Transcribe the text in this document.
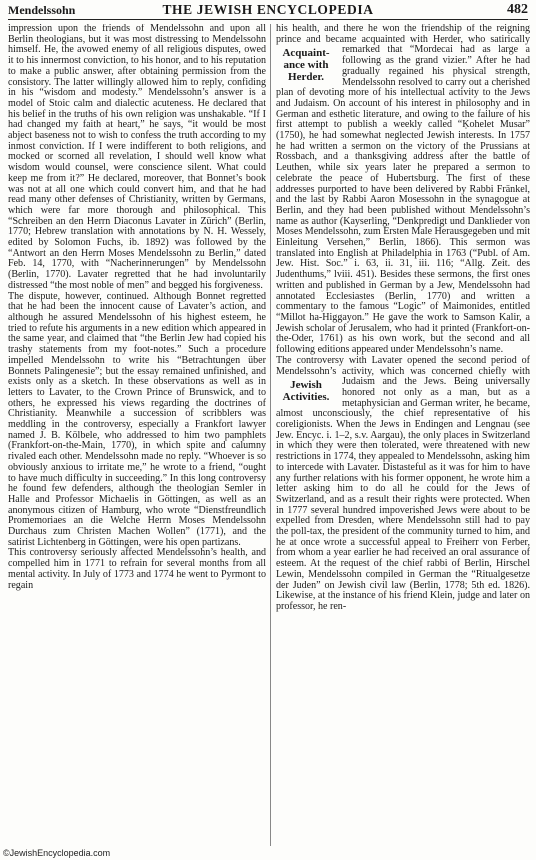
Mendelssohn	THE JEWISH ENCYCLOPEDIA	482

impression upon the friends of Mendelssohn and upon all Berlin theologians, but it was most distressing to Mendelssohn himself. He, the avowed enemy of all religious disputes, owed it to his innermost conviction, to his honor, and to his reputation to make a public answer, after obtaining permission from the consistory. The latter willingly allowed him to reply, confiding in his “wisdom and modesty.” Mendelssohn’s answer is a model of Stoic calm and dialectic acuteness. He declared that his belief in the truths of his own religion was unshakable. “If I had changed my faith at heart,” he says, “it would be most abject baseness not to wish to confess the truth according to my inmost conviction. If I were indifferent to both religions, and mocked or scorned all revelation, I should well know what wisdom would counsel, were conscience silent. What could keep me from it?” He declared, moreover, that Bonnet’s book was not at all one which could convert him, and that he had read many other defenses of Christianity, written by Germans, which were far more thorough and philosophical. This “Schreiben an den Herrn Diaconus Lavater in Zürich” (Berlin, 1770; Hebrew translation with annotations by N. H. Wessely, edited by Solomon Fuchs, ib. 1892) was followed by the “Antwort an den Herrn Moses Mendelssohn zu Berlin,” dated Feb. 14, 1770, with “Nacherinnerungen” by Mendelssohn (Berlin, 1770). Lavater regretted that he had involuntarily distressed “the most noble of men” and begged his forgiveness.

The dispute, however, continued. Although Bonnet regretted that he had been the innocent cause of Lavater’s action, and although he assured Mendelssohn of his highest esteem, he tried to refute his arguments in a new edition which appeared in the same year, and claimed that “the Berlin Jew had copied his trashy statements from my foot-notes.” Such a procedure impelled Mendelssohn to write his “Betrachtungen über Bonnets Palingenesie”; but the essay remained unfinished, and exists only as a sketch. In these observations as well as in letters to Lavater, to the Crown Prince of Brunswick, and to others, he expressed his views regarding the doctrines of Christianity. Meanwhile a succession of scribblers was meddling in the controversy, especially a Frankfort lawyer named J. B. Kölbele, who addressed to him two pamphlets (Frankfort-on-the-Main, 1770), in which spite and calumny rivaled each other. Mendelssohn made no reply. “Whoever is so obviously anxious to irritate me,” he wrote to a friend, “ought to have much difficulty in succeeding.” In this long controversy he found few defenders, although the theologian Semler in Halle and Professor Michaelis in Göttingen, as well as an anonymous citizen of Hamburg, who wrote “Dienstfreundlich Promemoriaes an die Welche Herrn Moses Mendelssohn Durchaus zum Christen Machen Wollen” (1771), and the satirist Lichtenberg in Göttingen, were his open partizans.

This controversy seriously affected Mendelssohn’s health, and compelled him in 1771 to refrain for several months from all mental activity. In July of 1773 and 1774 he went to Pyrmont to regain

his health, and there he won the friendship of the reigning prince and became acquainted with Herder, who
Acquaint-ance with Herder.
satirically remarked that “Mordecai had as large a following as the grand vizier.” After he had gradually regained his physical strength, Mendelssohn resolved to carry out a cherished plan of devoting more of his intellectual activity to the Jews and Judaism. On account of his interest in philosophy and in German and esthetic literature, and owing to the failure of his first attempt to publish a weekly called “Ḳohelet Musar” (1750), he had somewhat neglected Jewish interests. In 1757 he had written a sermon on the victory of the Prussians at Rossbach, and a thanksgiving address after the battle of Leuthen, while six years later he prepared a sermon to celebrate the peace of Hubertsburg. The first of these addresses purported to have been delivered by Rabbi Fränkel, and the last by Rabbi Aaron Mosessohn in the synagogue at Berlin, and they had been published without Mendelssohn’s name as author (Kayserling, “Denkpredigt und Danklieder von Moses Mendelssohn, zum Ersten Male Herausgegeben und mit Einleitung Versehen,” Berlin, 1866). This sermon was translated into English at Philadelphia in 1763 (“Publ. of Am. Jew. Hist. Soc.” i. 63, ii. 31, iii. 116; “Allg. Zeit. des Judenthums,” lviii. 451). Besides these sermons, the first ones written and published in German by a Jew, Mendelssohn had annotated Ecclesiastes (Berlin, 1770) and written a commentary to the famous “Logic” of Maimonides, entitled “Millot ha-Higgayon.” He gave the work to Samson Kalir, a Jewish scholar of Jerusalem, who had it printed (Frankfort-on-the-Oder, 1761) as his own work, but the second and all following editions appeared under Mendelssohn’s name.

The controversy with Lavater opened the second period of Mendelssohn’s activity, which was concerned chiefly with Judaism and the
Jewish Activities.
Jews. Being universally honored not only as a man, but as a metaphysician and German writer, he became, almost unconsciously, the chief representative of his coreligionists. When the Jews in Endingen and Lengnau (see Jew. Encyc. i. 1–2, s.v. Aargau), the only places in Switzerland in which they were then tolerated, were threatened with new restrictions in 1774, they appealed to Mendelssohn, asking him to intercede with Lavater. Distasteful as it was for him to have any further relations with his former opponent, he wrote him a letter asking him to do all he could for the Jews of Switzerland, and as a result their rights were protected. When in 1777 several hundred impoverished Jews were about to be expelled from Dresden, where Mendelssohn still had to pay the poll-tax, the president of the community turned to him, and he at once wrote a successful appeal to Freiherr von Ferber, from whom a year earlier he had received an oral assurance of esteem. At the request of the chief rabbi of Berlin, Hirschel Lewin, Mendelssohn compiled in German the “Ritualgesetze der Juden” on Jewish civil law (Berlin, 1778; 5th ed. 1826). Likewise, at the instance of his friend Klein, judge and later on professor, he ren-

©JewishEncyclopedia.com
